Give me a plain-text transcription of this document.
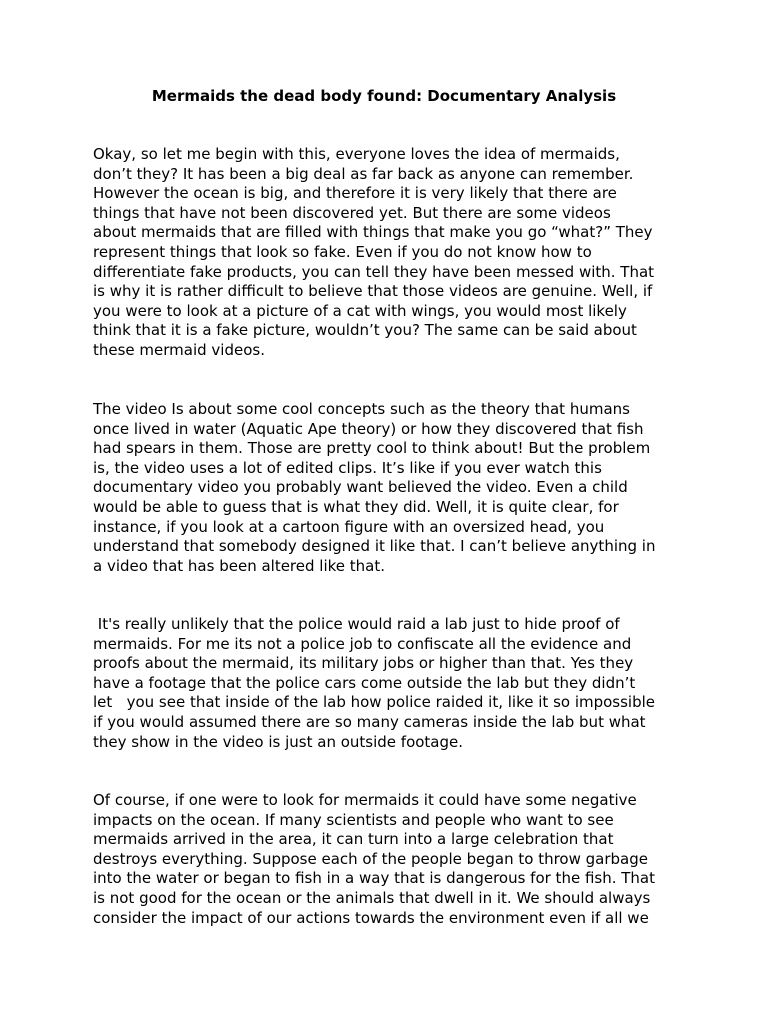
Mermaids the dead body found: Documentary Analysis

Okay, so let me begin with this, everyone loves the idea of mermaids,
don’t they? It has been a big deal as far back as anyone can remember.
However the ocean is big, and therefore it is very likely that there are
things that have not been discovered yet. But there are some videos
about mermaids that are filled with things that make you go “what?” They
represent things that look so fake. Even if you do not know how to
differentiate fake products, you can tell they have been messed with. That
is why it is rather difficult to believe that those videos are genuine. Well, if
you were to look at a picture of a cat with wings, you would most likely
think that it is a fake picture, wouldn’t you? The same can be said about
these mermaid videos.

The video Is about some cool concepts such as the theory that humans
once lived in water (Aquatic Ape theory) or how they discovered that fish
had spears in them. Those are pretty cool to think about! But the problem
is, the video uses a lot of edited clips. It’s like if you ever watch this
documentary video you probably want believed the video. Even a child
would be able to guess that is what they did. Well, it is quite clear, for
instance, if you look at a cartoon figure with an oversized head, you
understand that somebody designed it like that. I can’t believe anything in
a video that has been altered like that.

It's really unlikely that the police would raid a lab just to hide proof of
mermaids. For me its not a police job to confiscate all the evidence and
proofs about the mermaid, its military jobs or higher than that. Yes they
have a footage that the police cars come outside the lab but they didn’t
let   you see that inside of the lab how police raided it, like it so impossible
if you would assumed there are so many cameras inside the lab but what
they show in the video is just an outside footage.

Of course, if one were to look for mermaids it could have some negative
impacts on the ocean. If many scientists and people who want to see
mermaids arrived in the area, it can turn into a large celebration that
destroys everything. Suppose each of the people began to throw garbage
into the water or began to fish in a way that is dangerous for the fish. That
is not good for the ocean or the animals that dwell in it. We should always
consider the impact of our actions towards the environment even if all we
